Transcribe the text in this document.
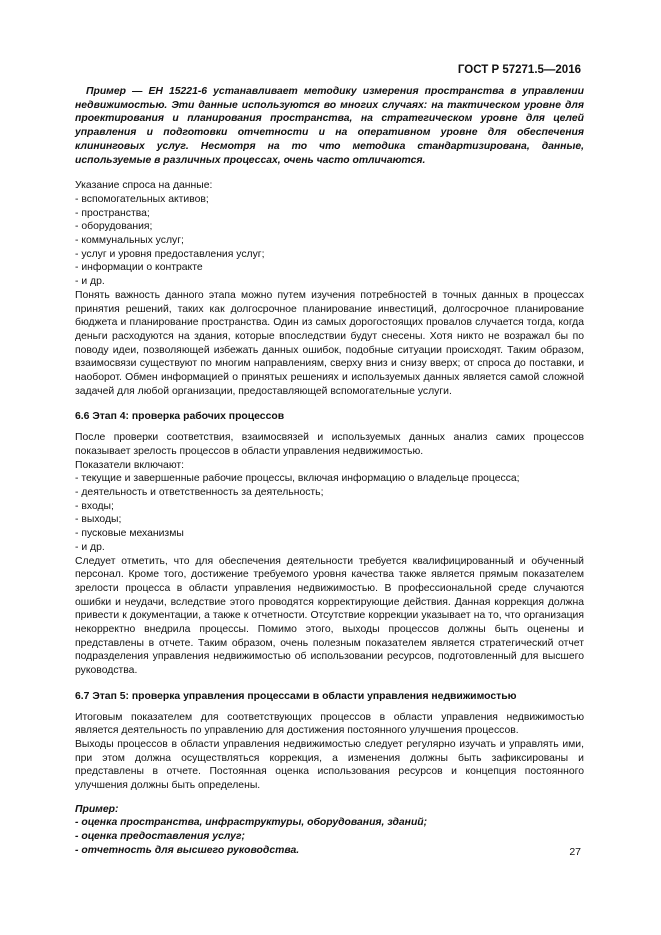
ГОСТ Р 57271.5—2016

Пример — ЕН 15221-6 устанавливает методику измерения пространства в управлении недвижимостью. Эти данные используются во многих случаях: на тактическом уровне для проектирования и планирования пространства, на стратегическом уровне для целей управления и подготовки отчетности и на оперативном уровне для обеспечения клининговых услуг. Несмотря на то что методика стандартизирована, данные, используемые в различных процессах, очень часто отличаются.

Указание спроса на данные:

- вспомогательных активов;

- пространства;

- оборудования;

- коммунальных услуг;

- услуг и уровня предоставления услуг;

- информации о контракте

- и др.

Понять важность данного этапа можно путем изучения потребностей в точных данных в процессах принятия решений, таких как долгосрочное планирование инвестиций, долгосрочное планирование бюджета и планирование пространства. Один из самых дорогостоящих провалов случается тогда, когда деньги расходуются на здания, которые впоследствии будут снесены. Хотя никто не возражал бы по поводу идеи, позволяющей избежать данных ошибок, подобные ситуации происходят. Таким образом, взаимосвязи существуют по многим направлениям, сверху вниз и снизу вверх; от спроса до поставки, и наоборот. Обмен информацией о принятых решениях и используемых данных является самой сложной задачей для любой организации, предоставляющей вспомогательные услуги.

6.6 Этап 4: проверка рабочих процессов

После проверки соответствия, взаимосвязей и используемых данных анализ самих процессов показывает зрелость процессов в области управления недвижимостью.

Показатели включают:

- текущие и завершенные рабочие процессы, включая информацию о владельце процесса;

- деятельность и ответственность за деятельность;

- входы;

- выходы;

- пусковые механизмы

- и др.

Следует отметить, что для обеспечения деятельности требуется квалифицированный и обученный персонал. Кроме того, достижение требуемого уровня качества также является прямым показателем зрелости процесса в области управления недвижимостью. В профессиональной среде случаются ошибки и неудачи, вследствие этого проводятся корректирующие действия. Данная коррекция должна привести к документации, а также к отчетности. Отсутствие коррекции указывает на то, что организация некорректно внедрила процессы. Помимо этого, выходы процессов должны быть оценены и представлены в отчете. Таким образом, очень полезным показателем является стратегический отчет подразделения управления недвижимостью об использовании ресурсов, подготовленный для высшего руководства.

6.7 Этап 5: проверка управления процессами в области управления недвижимостью

Итоговым показателем для соответствующих процессов в области управления недвижимостью является деятельность по управлению для достижения постоянного улучшения процессов.

Выходы процессов в области управления недвижимостью следует регулярно изучать и управлять ими, при этом должна осуществляться коррекция, а изменения должны быть зафиксированы и представлены в отчете. Постоянная оценка использования ресурсов и концепция постоянного улучшения должны быть определены.

Пример:

- оценка пространства, инфраструктуры, оборудования, зданий;

- оценка предоставления услуг;

- отчетность для высшего руководства.	27
